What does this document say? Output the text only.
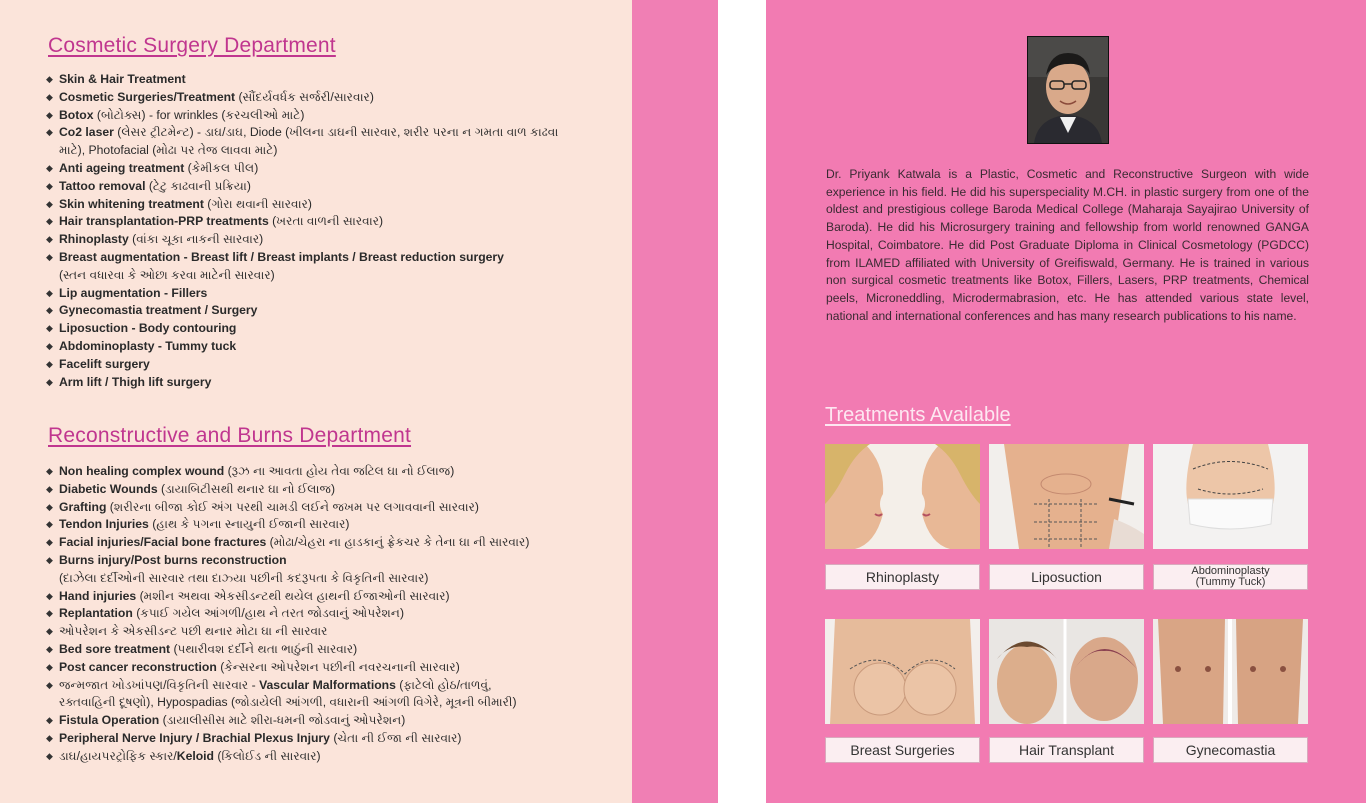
Cosmetic Surgery Department
◆ Skin & Hair Treatment
◆ Cosmetic Surgeries/Treatment (સૌંદર્યવર્ધક સર્જરી/સારવાર)
◆ Botox (બોટોક્સ) - for wrinkles (કરચલીઓ માટે)
◆ Co2 laser (લેસર ટ્રીટમેન્ટ) - ડાઘ/ડાઘ, Diode (ખીલના ડાઘની સારવાર, શરીર પરના ન ગમતા વાળ કાઢવા
માટે), Photofacial (મોઢા પર તેજ લાવવા માટે)
◆ Anti ageing treatment (કેમીકલ પીલ)
◆ Tattoo removal (ટેટુ કાઢવાની પ્રક્રિયા)
◆ Skin whitening treatment (ગોરા થવાની સારવાર)
◆ Hair transplantation-PRP treatments (ખરતા વાળની સારવાર)
◆ Rhinoplasty (વાંકા ચૂકા નાકની સારવાર)
◆ Breast augmentation - Breast lift / Breast implants / Breast reduction surgery
(સ્તન વધારવા કે ઓછા કરવા માટેની સારવાર)
◆ Lip augmentation - Fillers
◆ Gynecomastia treatment / Surgery
◆ Liposuction - Body contouring
◆ Abdominoplasty - Tummy tuck
◆ Facelift surgery
◆ Arm lift / Thigh lift surgery
Reconstructive and Burns Department
◆ Non healing complex wound (રૂઝ ના આવતા હોય તેવા જટિલ ઘા નો ઈલાજ)
◆ Diabetic Wounds (ડાયાબિટીસથી થનાર ઘા નો ઈલાજ)
◆ Grafting (શરીરના બીજા કોઈ અંગ પરથી ચામડી લઈને જખમ પર લગાવવાની સારવાર)
◆ Tendon Injuries (હાથ કે પગના સ્નાયુની ઈજાની સારવાર)
◆ Facial injuries/Facial bone fractures (મોઢા/ચેહરા ના હાડકાનું ફ્રેકચર કે તેના ઘા ની સારવાર)
◆ Burns injury/Post burns reconstruction
(દાઝેલા દર્દીઓની સારવાર તથા દાઝ્યા પછીની કદરૂપતા કે વિકૃતિની સારવાર)
◆ Hand injuries (મશીન અથવા એકસીડન્ટથી થયેલ હાથની ઈજાઓની સારવાર)
◆ Replantation (કપાઈ ગયેલ આંગળી/હાથ ને તરત જોડવાનું ઓપરેશન)
◆ ઓપરેશન કે એકસીડન્ટ પછી થનાર મોટા ઘા ની સારવાર
◆ Bed sore treatment (પથારીવશ દર્દીને થતા ભાઠુંની સારવાર)
◆ Post cancer reconstruction (કેન્સરના ઓપરેશન પછીની નવરચનાની સારવાર)
◆ જન્મજાત ખોડખાંપણ/વિકૃતિની સારવાર - Vascular Malformations (ફાટેલો હોઠ/તાળવું,
રક્તવાહિની દૂષણો), Hypospadias (જોડાયેલી આંગળી, વધારાની આંગળી વિગેરે, મૂત્રની બીમારી)
◆ Fistula Operation (ડાયાલીસીસ માટે શીરા-ધમની જોડવાનું ઓપરેશન)
◆ Peripheral Nerve Injury / Brachial Plexus Injury (ચેતા ની ઈજા ની સારવાર)
◆ ડાઘ/હાયપરટ્રોફિક સ્કાર/Keloid (કિલોઈડ ની સારવાર)

Dr. Priyank Katwala is a Plastic, Cosmetic and Reconstructive Surgeon with wide experience in his field. He did his superspeciality M.CH. in plastic surgery from one of the oldest and prestigious college Baroda Medical College (Maharaja Sayajirao University of Baroda). He did his Microsurgery training and fellowship from world renowned GANGA Hospital, Coimbatore. He did Post Graduate Diploma in Clinical Cosmetology (PGDCC) from ILAMED affiliated with University of Greifiswald, Germany. He is trained in various non surgical cosmetic treatments like Botox, Fillers, Lasers, PRP treatments, Chemical peels, Microneddling, Microdermabrasion, etc. He has attended various state level, national and international conferences and has many research publications to his name.

Treatments Available
Rhinoplasty	Liposuction	Abdominoplasty
(Tummy Tuck)
Breast Surgeries	Hair Transplant	Gynecomastia
